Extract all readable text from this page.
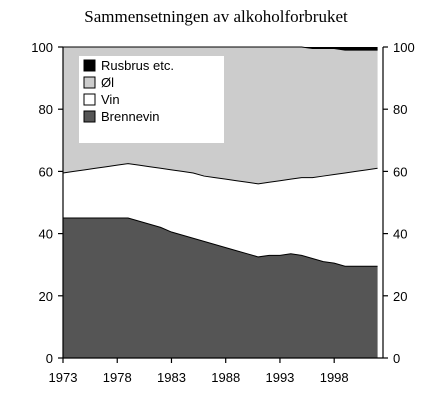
Sammensetningen av alkoholforbruket
0	0
20	20
40	40
60	60
80	80
100	100
1973 1978 1983 1988 1993 1998
Rusbrus etc.
Øl
Vin
Brennevin
